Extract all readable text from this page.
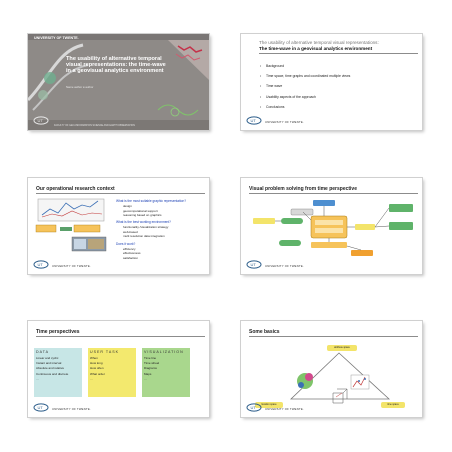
UNIVERSITY OF TWENTE.
The usability of alternative temporal visual representations: the time-wave in a geovisual analytics environment
Name author ● author
UT
FACULTY OF GEO-INFORMATION SCIENCE AND EARTH OBSERVATION
The usability of alternative temporal visual representations:
The time-wave in a geovisual analytics environment
• Background
• Time space, time graphs and coordinated multiple views
• Time wave
• Usability aspects of the approach
• Conclusions
UT	UNIVERSITY OF TWENTE.
Our operational research context
What is the most suitable graphic representation?
design
geocomputational support
reasoning based on graphics
What is the best working environment?
functionality /visualization strategy
web-based
multi resolution data integration
Does it work?
efficiency
effectiveness
satisfaction
UT	UNIVERSITY OF TWENTE.
Visual problem solving from time perspective
UT	UNIVERSITY OF TWENTE.
Time perspectives
DATA
Linear and cyclic
Instant and interval
Absolute and relative
Continuous and discrete
…
USER TASK
When
How long
How often
What order
…
VISUALIZATION
Time line
Time wheel
Diagrams
Maps
…
UT	UNIVERSITY OF TWENTE.
Some basics
attribute space
location space	time space
UT	UNIVERSITY OF TWENTE.
